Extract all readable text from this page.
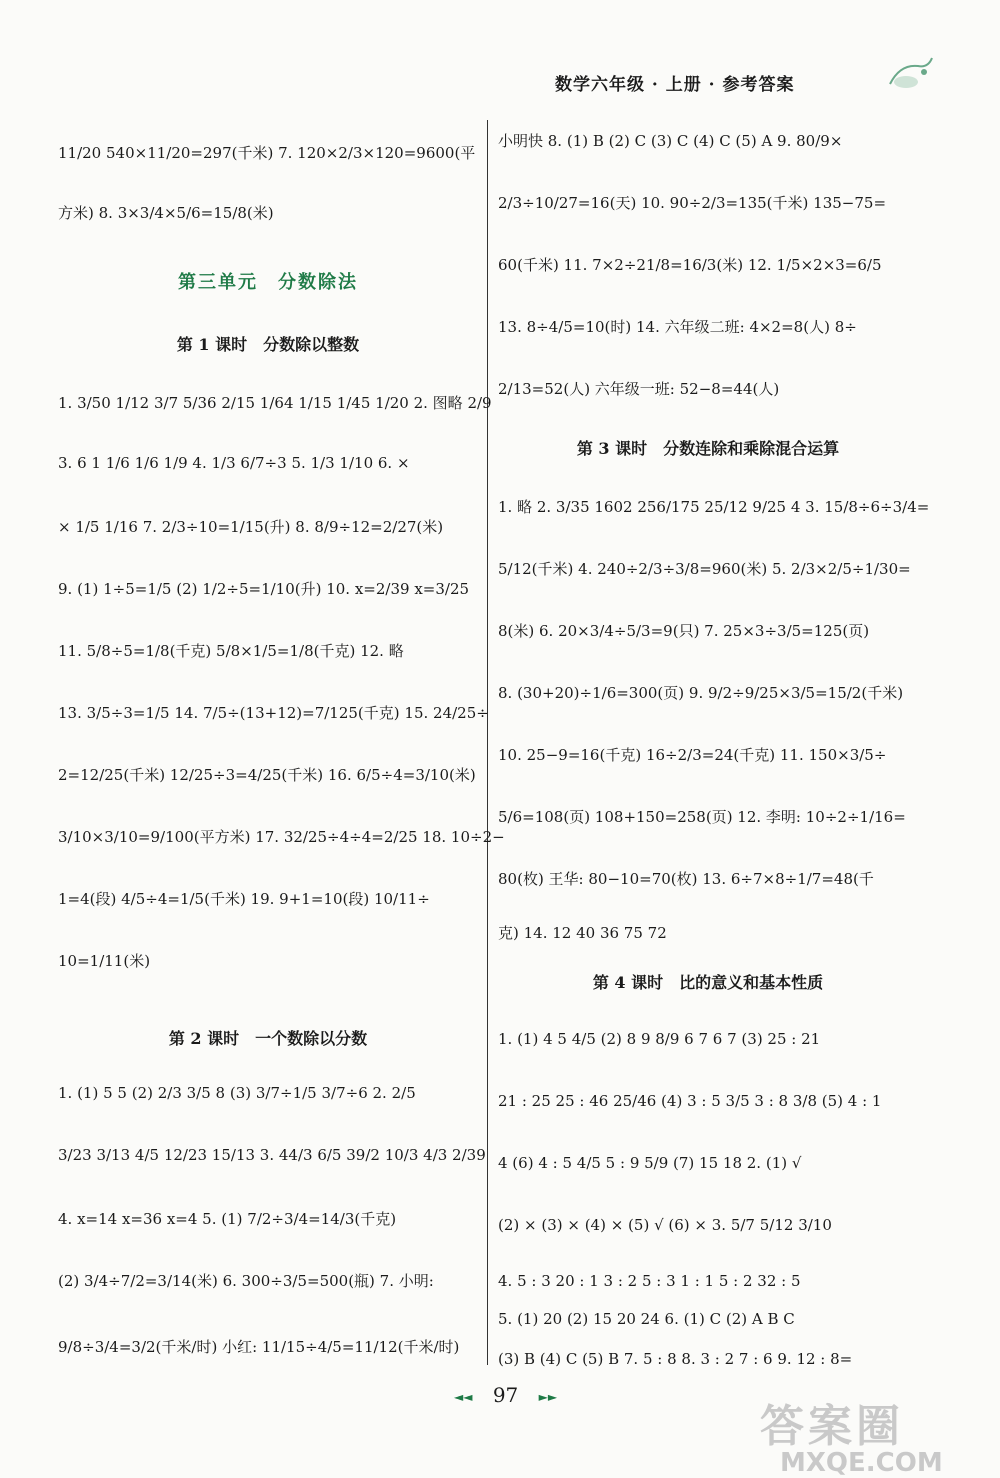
数学六年级 · 上册 · 参考答案
11/20 540×11/20=297(千米) 7. 120×2/3×120=9600(平
方米) 8. 3×3/4×5/6=15/8(米)
第三单元　分数除法
第 1 课时　分数除以整数
1. 3/50 1/12 3/7 5/36 2/15 1/64 1/15 1/45 1/20 2. 图略 2/9
3. 6 1 1/6 1/6 1/9 4. 1/3 6/7÷3 5. 1/3 1/10 6. ×
× 1/5 1/16 7. 2/3÷10=1/15(升) 8. 8/9÷12=2/27(米)
9. (1) 1÷5=1/5 (2) 1/2÷5=1/10(升) 10. x=2/39 x=3/25
11. 5/8÷5=1/8(千克) 5/8×1/5=1/8(千克) 12. 略
13. 3/5÷3=1/5 14. 7/5÷(13+12)=7/125(千克) 15. 24/25÷
2=12/25(千米) 12/25÷3=4/25(千米) 16. 6/5÷4=3/10(米)
3/10×3/10=9/100(平方米) 17. 32/25÷4÷4=2/25 18. 10÷2−
1=4(段) 4/5÷4=1/5(千米) 19. 9+1=10(段) 10/11÷
10=1/11(米)
第 2 课时　一个数除以分数
1. (1) 5 5 (2) 2/3 3/5 8 (3) 3/7÷1/5 3/7÷6 2. 2/5
3/23 3/13 4/5 12/23 15/13 3. 44/3 6/5 39/2 10/3 4/3 2/39
4. x=14 x=36 x=4 5. (1) 7/2÷3/4=14/3(千克)
(2) 3/4÷7/2=3/14(米) 6. 300÷3/5=500(瓶) 7. 小明:
9/8÷3/4=3/2(千米/时) 小红: 11/15÷4/5=11/12(千米/时)
小明快 8. (1) B (2) C (3) C (4) C (5) A 9. 80/9×
2/3÷10/27=16(天) 10. 90÷2/3=135(千米) 135−75=
60(千米) 11. 7×2÷21/8=16/3(米) 12. 1/5×2×3=6/5
13. 8÷4/5=10(时) 14. 六年级二班: 4×2=8(人) 8÷
2/13=52(人) 六年级一班: 52−8=44(人)
第 3 课时　分数连除和乘除混合运算
1. 略 2. 3/35 1602 256/175 25/12 9/25 4 3. 15/8÷6÷3/4=
5/12(千米) 4. 240÷2/3÷3/8=960(米) 5. 2/3×2/5÷1/30=
8(米) 6. 20×3/4÷5/3=9(只) 7. 25×3÷3/5=125(页)
8. (30+20)÷1/6=300(页) 9. 9/2÷9/25×3/5=15/2(千米)
10. 25−9=16(千克) 16÷2/3=24(千克) 11. 150×3/5÷
5/6=108(页) 108+150=258(页) 12. 李明: 10÷2÷1/16=
80(枚) 王华: 80−10=70(枚) 13. 6÷7×8÷1/7=48(千
克) 14. 12 40 36 75 72
第 4 课时　比的意义和基本性质
1. (1) 4 5 4/5 (2) 8 9 8/9 6 7 6 7 (3) 25 : 21
21 : 25 25 : 46 25/46 (4) 3 : 5 3/5 3 : 8 3/8 (5) 4 : 1
4 (6) 4 : 5 4/5 5 : 9 5/9 (7) 15 18 2. (1) √
(2) × (3) × (4) × (5) √ (6) × 3. 5/7 5/12 3/10
4. 5 : 3 20 : 1 3 : 2 5 : 3 1 : 1 5 : 2 32 : 5
5. (1) 20 (2) 15 20 24 6. (1) C (2) A B C
(3) B (4) C (5) B 7. 5 : 8 8. 3 : 2 7 : 6 9. 12 : 8=
◄◄ 97 ►►
答案圈
MXQE.COM
